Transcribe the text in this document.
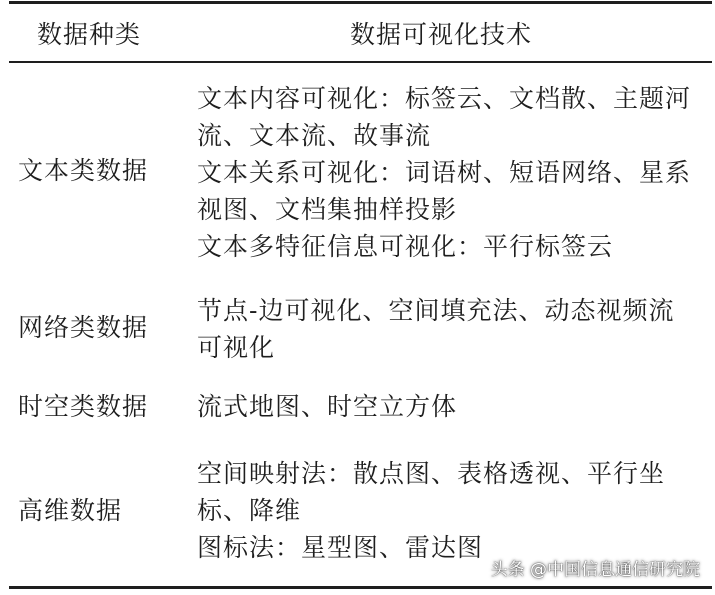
数据种类	数据可视化技术
文本类数据
文本内容可视化：标签云、文档散、主题河
流、文本流、故事流
文本关系可视化：词语树、短语网络、星系
视图、文档集抽样投影
文本多特征信息可视化：平行标签云
网络类数据
节点-边可视化、空间填充法、动态视频流
可视化
时空类数据 流式地图、时空立方体
高维数据
空间映射法：散点图、表格透视、平行坐
标、降维
图标法：星型图、雷达图
头条 @中国信息通信研究院
